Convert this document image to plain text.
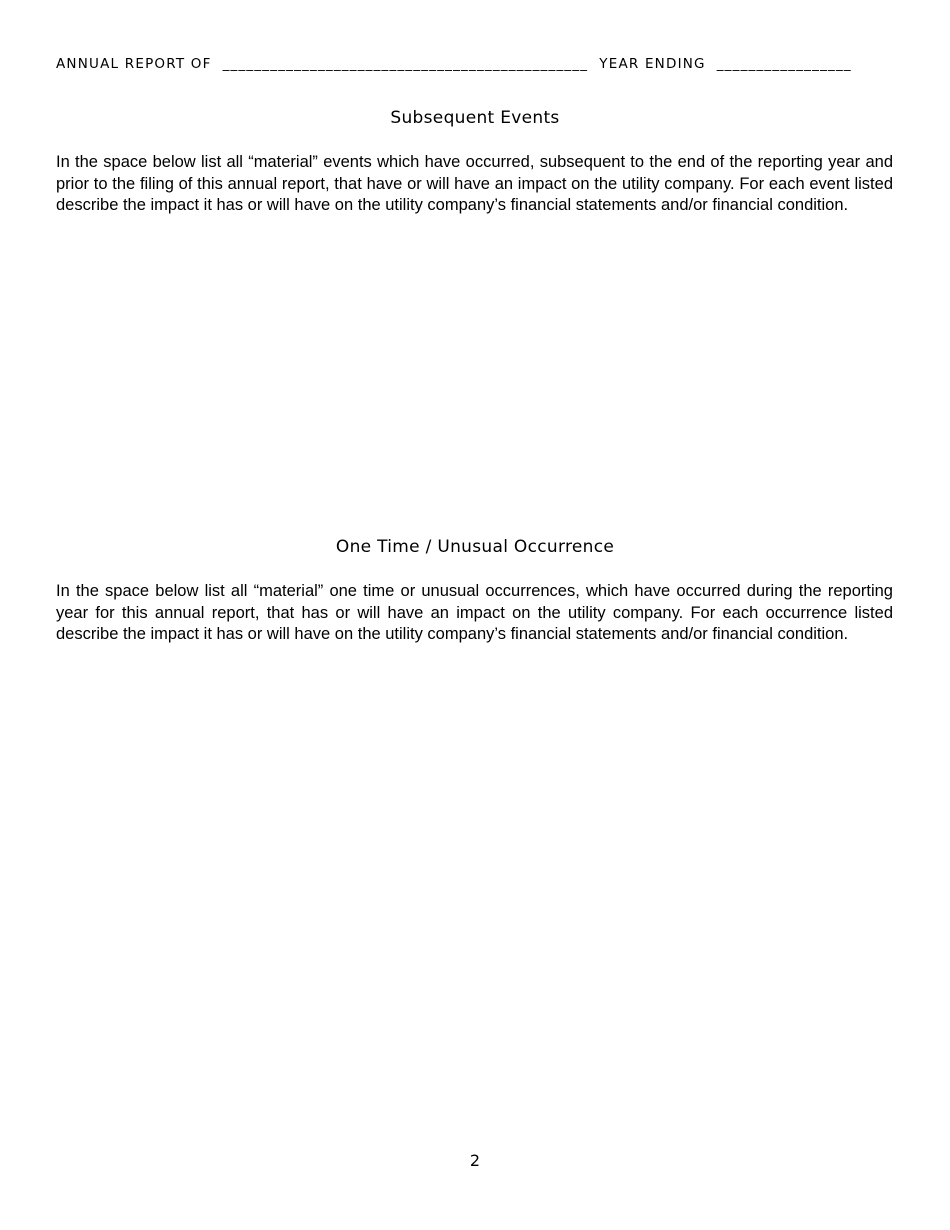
ANNUAL REPORT OF  ______________________________________________  YEAR ENDING  _________________
Subsequent Events
In the space below list all “material” events which have occurred, subsequent to the end of the reporting year and prior to the filing of this annual report, that have or will have an impact on the utility company. For each event listed describe the impact it has or will have on the utility company’s financial statements and/or financial condition.
One Time / Unusual Occurrence
In the space below list all “material” one time or unusual occurrences, which have occurred during the reporting year for this annual report, that has or will have an impact on the utility company. For each occurrence listed describe the impact it has or will have on the utility company’s financial statements and/or financial condition.
2
